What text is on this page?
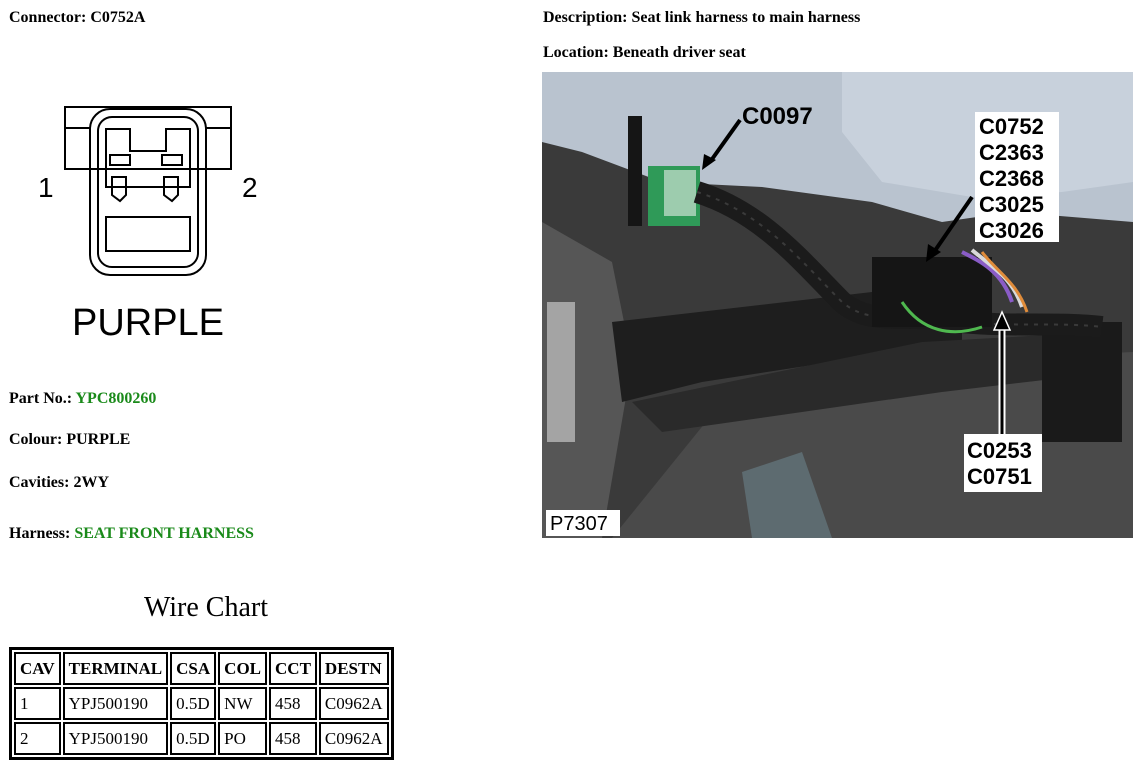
Connector: C0752A	Description: Seat link harness to main harness
Location: Beneath driver seat
1	2
PURPLE
Part No.: YPC800260
Colour: PURPLE
Cavities: 2WY
Harness: SEAT FRONT HARNESS
Wire Chart
CAV	TERMINAL	CSA	COL	CCT	DESTN
1	YPJ500190	0.5D	NW	458	C0962A
2	YPJ500190	0.5D	PO	458	C0962A
C0097	C0752
C2363
C2368
C3025
C3026
C0253
C0751
P7307
